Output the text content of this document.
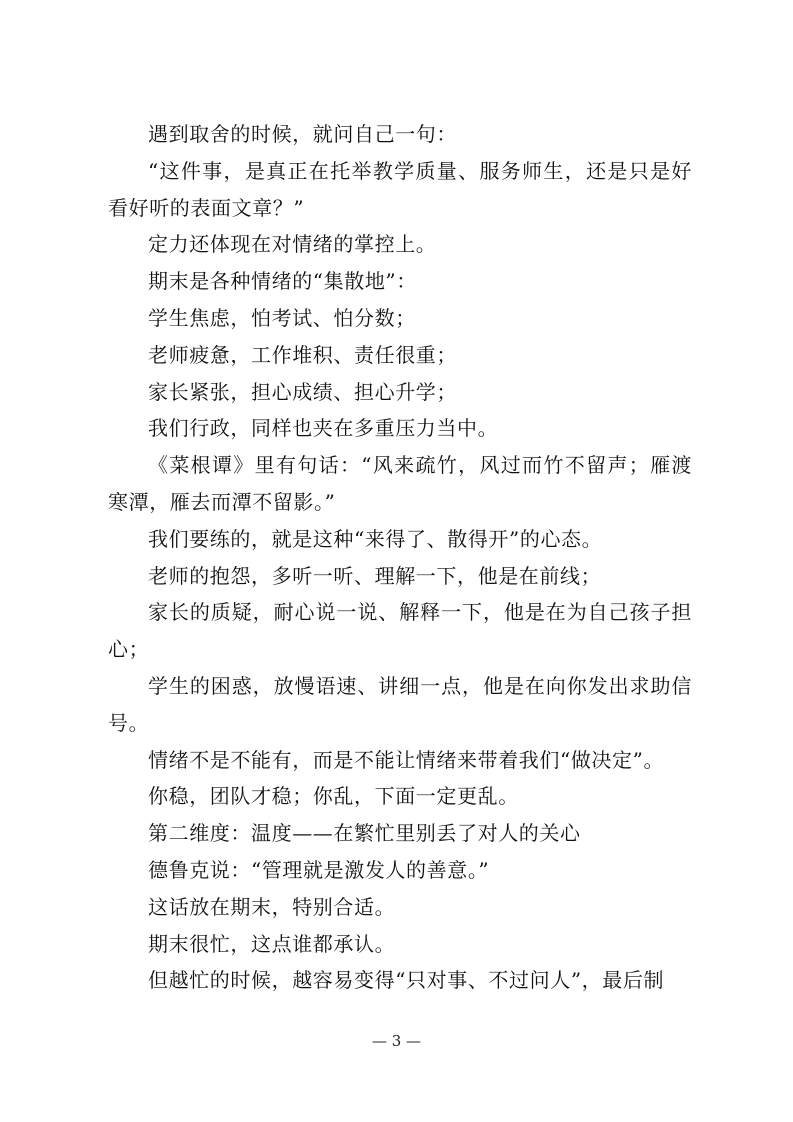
遇到取舍的时候，就问自己一句：

“这件事，是真正在托举教学质量、服务师生，还是只是好看好听的表面文章？”

定力还体现在对情绪的掌控上。

期末是各种情绪的“集散地”：

学生焦虑，怕考试、怕分数；

老师疲惫，工作堆积、责任很重；

家长紧张，担心成绩、担心升学；

我们行政，同样也夹在多重压力当中。

《菜根谭》里有句话：“风来疏竹，风过而竹不留声；雁渡寒潭，雁去而潭不留影。”

我们要练的，就是这种“来得了、散得开”的心态。

老师的抱怨，多听一听、理解一下，他是在前线；

家长的质疑，耐心说一说、解释一下，他是在为自己孩子担心；

学生的困惑，放慢语速、讲细一点，他是在向你发出求助信号。

情绪不是不能有，而是不能让情绪来带着我们“做决定”。

你稳，团队才稳；你乱，下面一定更乱。

第二维度：温度——在繁忙里别丢了对人的关心

德鲁克说：“管理就是激发人的善意。”

这话放在期末，特别合适。

期末很忙，这点谁都承认。

但越忙的时候，越容易变得“只对事、不过问人”，最后制

— 3 —
